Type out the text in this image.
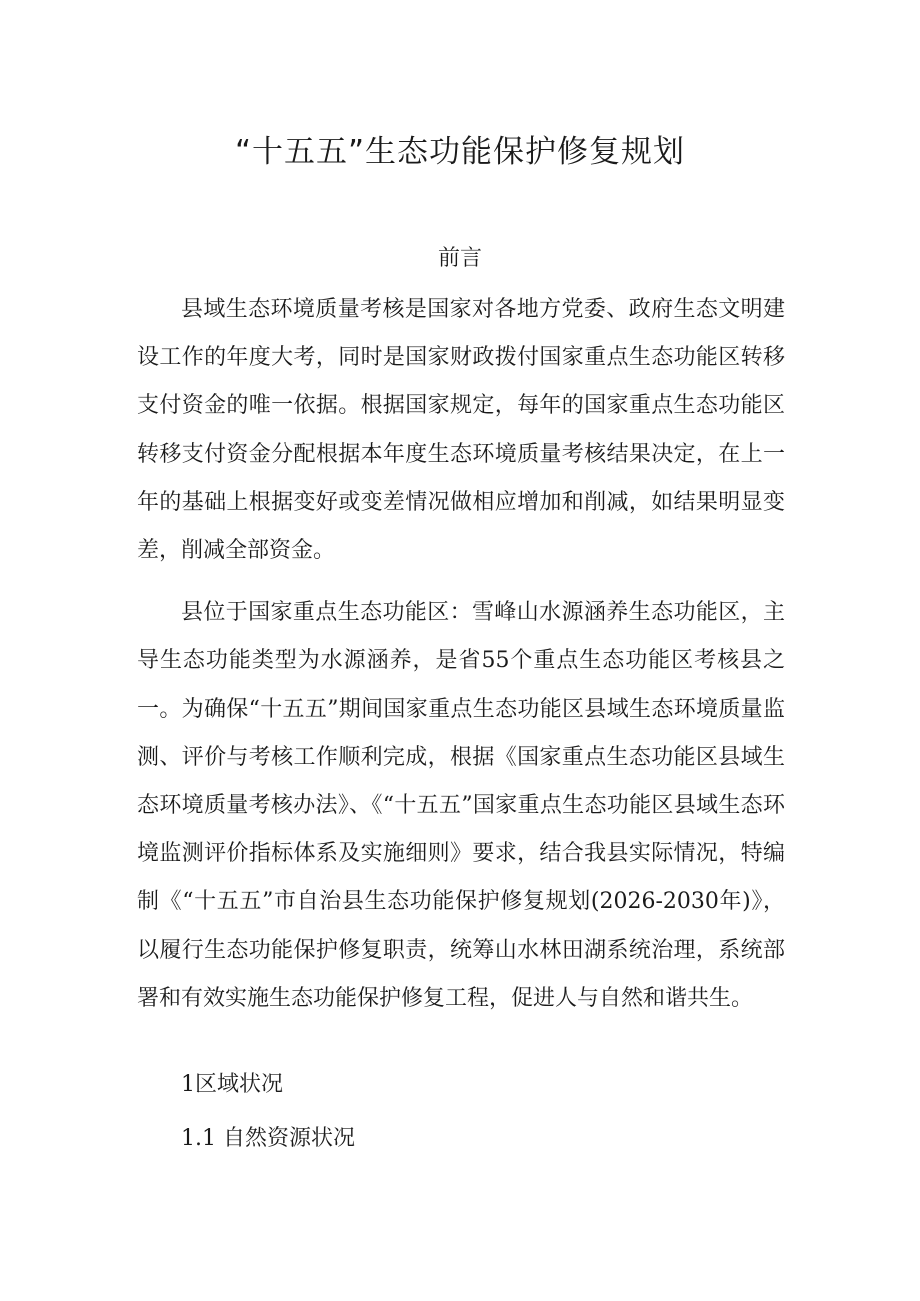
“十五五”生态功能保护修复规划
前言

县域生态环境质量考核是国家对各地方党委、政府生态文明建设工作的年度大考，同时是国家财政拨付国家重点生态功能区转移支付资金的唯一依据。根据国家规定，每年的国家重点生态功能区转移支付资金分配根据本年度生态环境质量考核结果决定，在上一年的基础上根据变好或变差情况做相应增加和削减，如结果明显变差，削减全部资金。

县位于国家重点生态功能区：雪峰山水源涵养生态功能区，主导生态功能类型为水源涵养，是省55个重点生态功能区考核县之一。为确保“十五五”期间国家重点生态功能区县域生态环境质量监测、评价与考核工作顺利完成，根据《国家重点生态功能区县域生态环境质量考核办法》、《“十五五”国家重点生态功能区县域生态环境监测评价指标体系及实施细则》要求，结合我县实际情况，特编制《“十五五”市自治县生态功能保护修复规划(2026-2030年)》，以履行生态功能保护修复职责，统筹山水林田湖系统治理，系统部署和有效实施生态功能保护修复工程，促进人与自然和谐共生。

1区域状况
1.1 自然资源状况
